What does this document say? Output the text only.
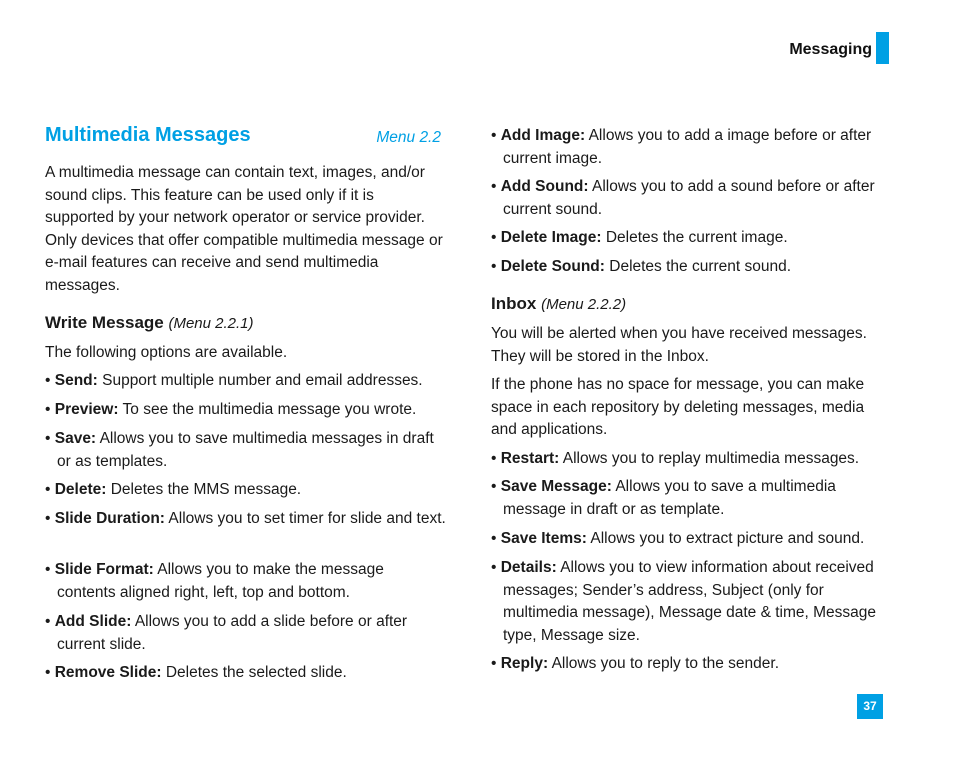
Messaging
Multimedia Messages	Menu 2.2

A multimedia message can contain text, images, and/or sound clips. This feature can be used only if it is supported by your network operator or service provider. Only devices that offer compatible multimedia message or e-mail features can receive and send multimedia messages.

Write Message (Menu 2.2.1)

The following options are available.

• Send: Support multiple number and email addresses.

• Preview: To see the multimedia message you wrote.

• Save: Allows you to save multimedia messages in draft or as templates.

• Delete: Deletes the MMS message.

• Slide Duration: Allows you to set timer for slide and text.

• Slide Format: Allows you to make the message contents aligned right, left, top and bottom.

• Add Slide: Allows you to add a slide before or after current slide.

• Remove Slide: Deletes the selected slide.

• Add Image: Allows you to add a image before or after current image.

• Add Sound: Allows you to add a sound before or after current sound.

• Delete Image: Deletes the current image.

• Delete Sound: Deletes the current sound.

Inbox (Menu 2.2.2)

You will be alerted when you have received messages. They will be stored in the Inbox.

If the phone has no space for message, you can make space in each repository by deleting messages, media and applications.

• Restart: Allows you to replay multimedia messages.

• Save Message: Allows you to save a multimedia message in draft or as template.

• Save Items: Allows you to extract picture and sound.

• Details: Allows you to view information about received messages; Sender’s address, Subject (only for multimedia message), Message date & time, Message type, Message size.

• Reply: Allows you to reply to the sender.

37
